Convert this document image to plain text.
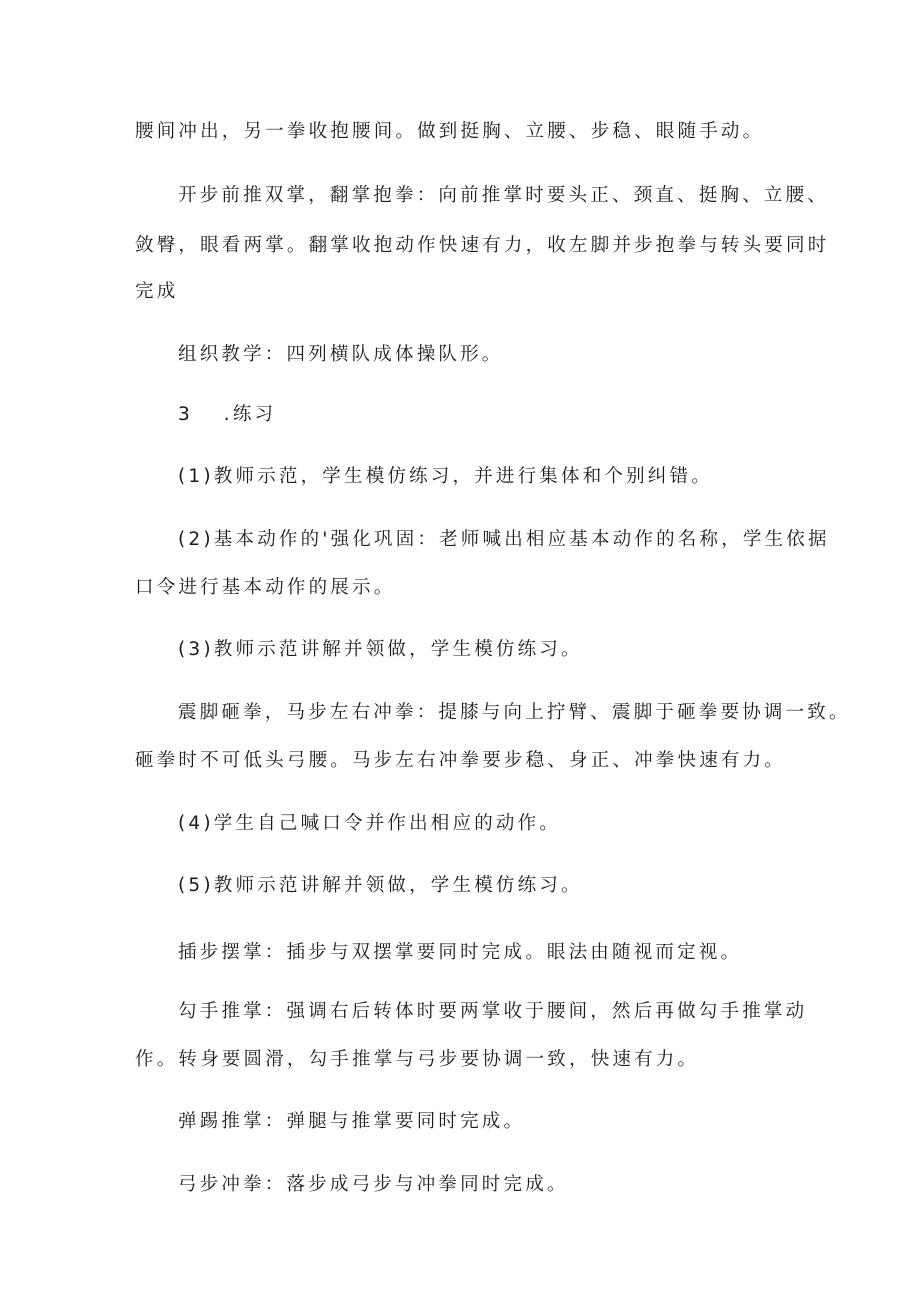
腰间冲出，另一拳收抱腰间。做到挺胸、立腰、步稳、眼随手动。
开步前推双掌，翻掌抱拳：向前推掌时要头正、颈直、挺胸、立腰、
敛臀，眼看两掌。翻掌收抱动作快速有力，收左脚并步抱拳与转头要同时
完成
组织教学：四列横队成体操队形。
3 .练习
(1)教师示范，学生模仿练习，并进行集体和个别纠错。
(2)基本动作的'强化巩固：老师喊出相应基本动作的名称，学生依据
口令进行基本动作的展示。
(3)教师示范讲解并领做，学生模仿练习。
震脚砸拳，马步左右冲拳：提膝与向上拧臂、震脚于砸拳要协调一致。
砸拳时不可低头弓腰。马步左右冲拳要步稳、身正、冲拳快速有力。
(4)学生自己喊口令并作出相应的动作。
(5)教师示范讲解并领做，学生模仿练习。
插步摆掌：插步与双摆掌要同时完成。眼法由随视而定视。
勾手推掌：强调右后转体时要两掌收于腰间，然后再做勾手推掌动
作。转身要圆滑，勾手推掌与弓步要协调一致，快速有力。
弹踢推掌：弹腿与推掌要同时完成。
弓步冲拳：落步成弓步与冲拳同时完成。
